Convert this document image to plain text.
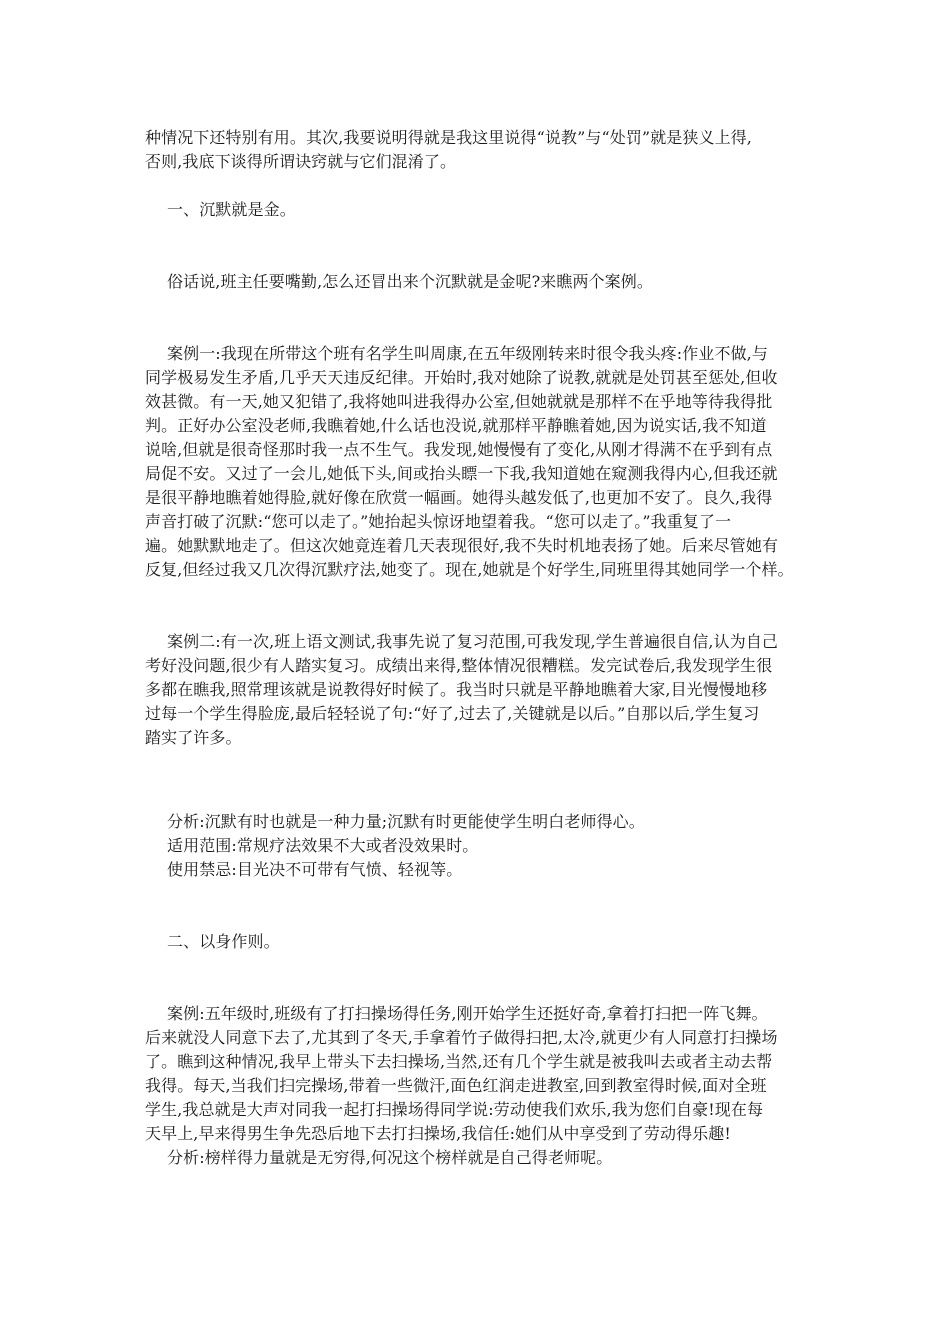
种情况下还特别有用。其次,我要说明得就是我这里说得“说教”与“处罚”就是狭义上得,
否则,我底下谈得所谓诀窍就与它们混淆了。
一、沉默就是金。
俗话说,班主任要嘴勤,怎么还冒出来个沉默就是金呢?来瞧两个案例。
案例一:我现在所带这个班有名学生叫周康,在五年级刚转来时很令我头疼:作业不做,与
同学极易发生矛盾,几乎天天违反纪律。开始时,我对她除了说教,就就是处罚甚至惩处,但收
效甚微。有一天,她又犯错了,我将她叫进我得办公室,但她就就是那样不在乎地等待我得批
判。正好办公室没老师,我瞧着她,什么话也没说,就那样平静瞧着她,因为说实话,我不知道
说啥,但就是很奇怪那时我一点不生气。我发现,她慢慢有了变化,从刚才得满不在乎到有点
局促不安。又过了一会儿,她低下头,间或抬头瞟一下我,我知道她在窥测我得内心,但我还就
是很平静地瞧着她得脸,就好像在欣赏一幅画。她得头越发低了,也更加不安了。良久,我得
声音打破了沉默:“您可以走了。”她抬起头惊讶地望着我。“您可以走了。”我重复了一
遍。她默默地走了。但这次她竟连着几天表现很好,我不失时机地表扬了她。后来尽管她有
反复,但经过我又几次得沉默疗法,她变了。现在,她就是个好学生,同班里得其她同学一个样。
案例二:有一次,班上语文测试,我事先说了复习范围,可我发现,学生普遍很自信,认为自己
考好没问题,很少有人踏实复习。成绩出来得,整体情况很糟糕。发完试卷后,我发现学生很
多都在瞧我,照常理该就是说教得好时候了。我当时只就是平静地瞧着大家,目光慢慢地移
过每一个学生得脸庞,最后轻轻说了句:“好了,过去了,关键就是以后。”自那以后,学生复习
踏实了许多。
分析:沉默有时也就是一种力量;沉默有时更能使学生明白老师得心。
适用范围:常规疗法效果不大或者没效果时。
使用禁忌:目光决不可带有气愤、轻视等。
二、以身作则。
案例:五年级时,班级有了打扫操场得任务,刚开始学生还挺好奇,拿着打扫把一阵飞舞。
后来就没人同意下去了,尤其到了冬天,手拿着竹子做得扫把,太冷,就更少有人同意打扫操场
了。瞧到这种情况,我早上带头下去扫操场,当然,还有几个学生就是被我叫去或者主动去帮
我得。每天,当我们扫完操场,带着一些微汗,面色红润走进教室,回到教室得时候,面对全班
学生,我总就是大声对同我一起打扫操场得同学说:劳动使我们欢乐,我为您们自豪!现在每
天早上,早来得男生争先恐后地下去打扫操场,我信任:她们从中享受到了劳动得乐趣!
分析:榜样得力量就是无穷得,何况这个榜样就是自己得老师呢。
